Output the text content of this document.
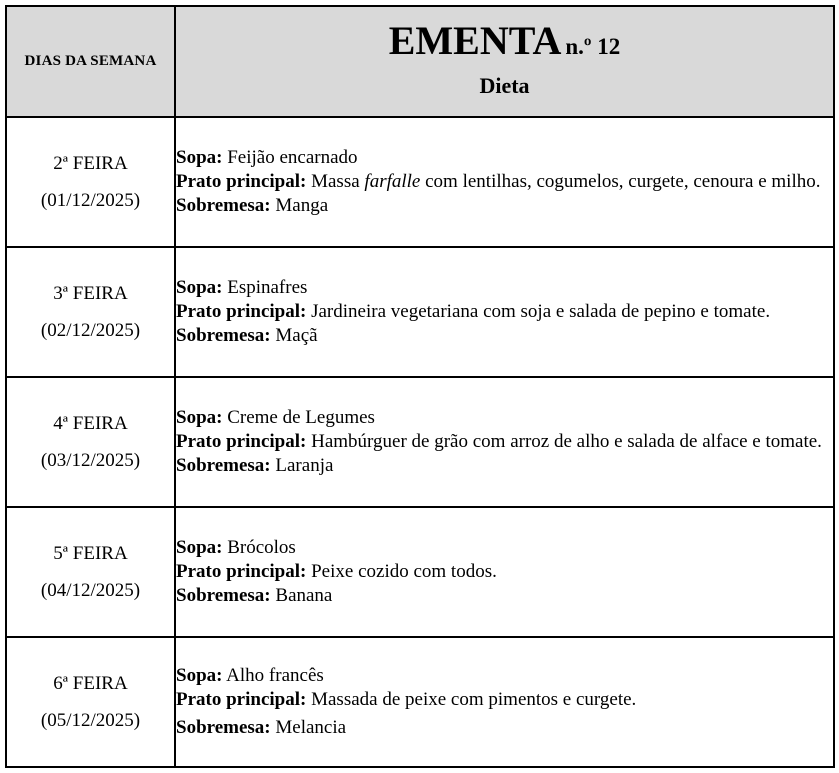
DIAS DA SEMANA	EMENTA n.º 12
Dieta

2ª FEIRA
(01/12/2025)	Sopa: Feijão encarnado
Prato principal: Massa farfalle com lentilhas, cogumelos, curgete, cenoura e milho.
Sobremesa: Manga

3ª FEIRA
(02/12/2025)	Sopa: Espinafres
Prato principal: Jardineira vegetariana com soja e salada de pepino e tomate.
Sobremesa: Maçã

4ª FEIRA
(03/12/2025)	Sopa: Creme de Legumes
Prato principal: Hambúrguer de grão com arroz de alho e salada de alface e tomate.
Sobremesa: Laranja

5ª FEIRA
(04/12/2025)	Sopa: Brócolos
Prato principal: Peixe cozido com todos.
Sobremesa: Banana

6ª FEIRA
(05/12/2025)	Sopa: Alho francês
Prato principal: Massada de peixe com pimentos e curgete.
Sobremesa: Melancia
